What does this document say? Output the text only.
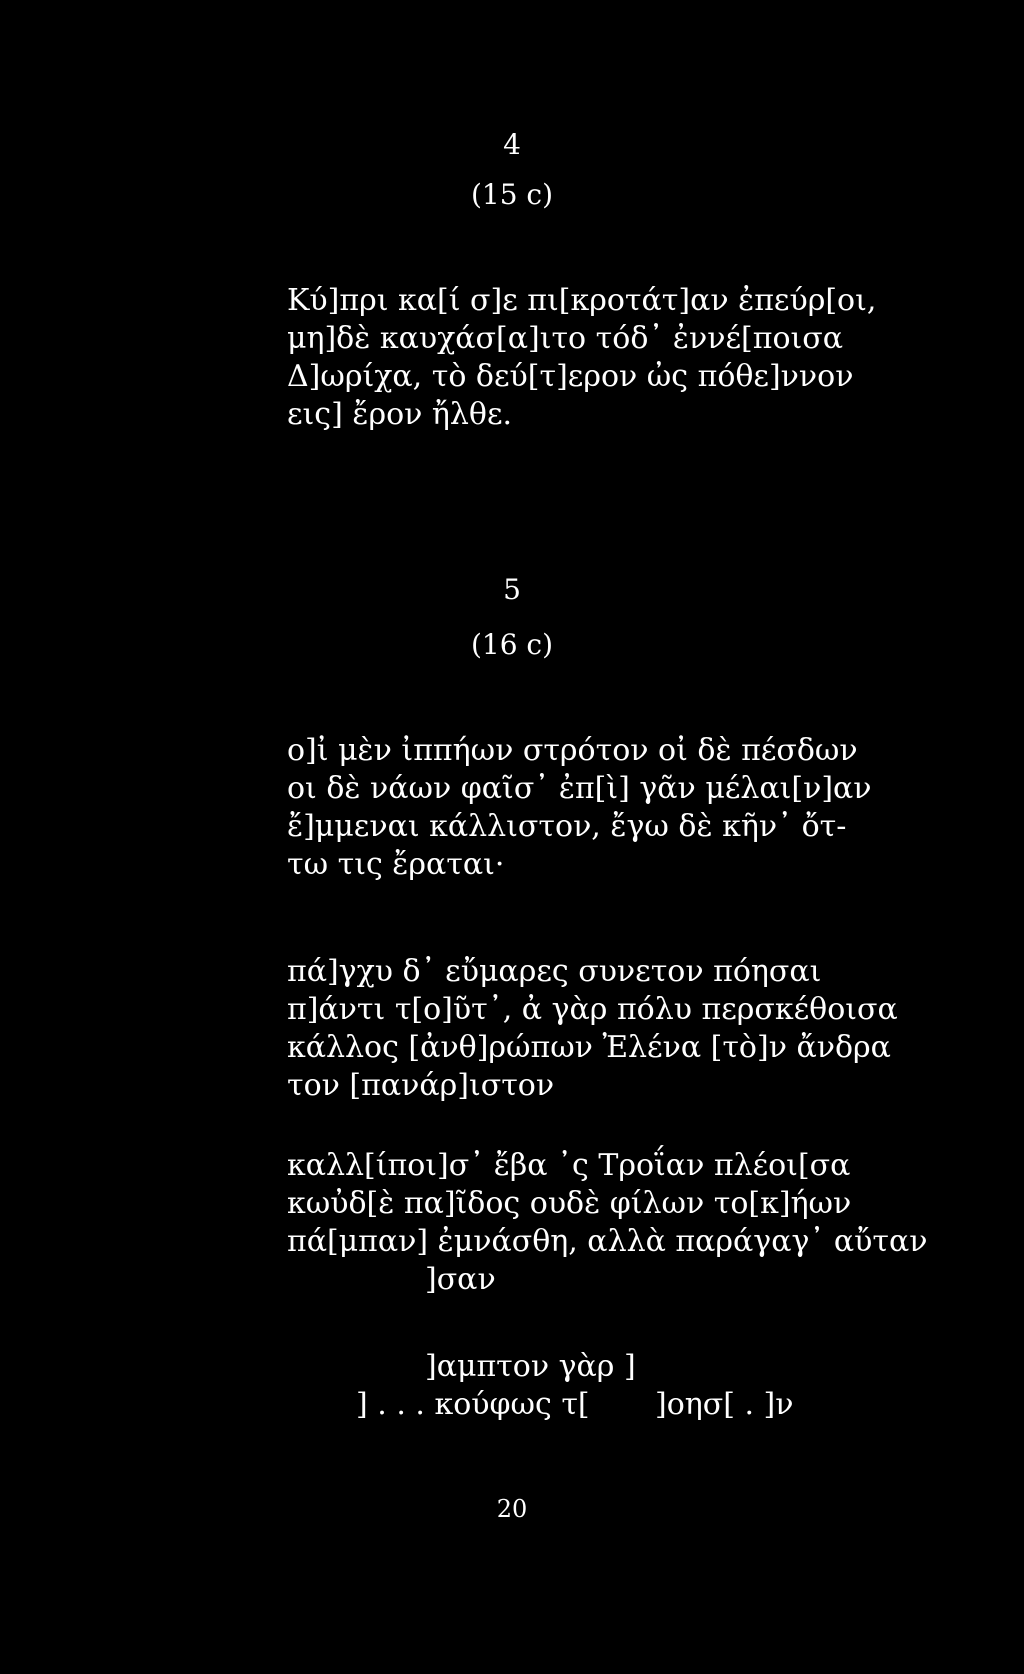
4

(15 c)

Κύ]πρι κα[ί σ]ε πι[κροτάτ]αν ἐπεύρ[οι,
μη]δὲ καυχάσ[α]ιτο τόδ᾽ ἐννέ[ποισα
Δ]ωρίχα, τὸ δεύ[τ]ερον ὠς πόθε]ννον
εις] ἔρον ἤλθε.

5

(16 c)

ο]ἰ μὲν ἰππήων στρότον οἰ δὲ πέσδων
οι δὲ νάων φαῖσ᾽ ἐπ[ὶ] γᾶν μέλαι[ν]αν
ἔ]μμεναι κάλλιστον, ἔγω δὲ κῆν᾽ ὄτ-
τω τις ἔραται·
πά]γχυ δ᾽ εὔμαρες συνετον πόησαι
π]άντι τ[ο]ῦτ᾽, ἀ γὰρ πόλυ περσκέθοισα
κάλλος [ἀνθ]ρώπων Ἐλένα [τὸ]ν ἄνδρα
τον [πανάρ]ιστον
καλλ[ίποι]σ᾽ ἔβα ᾽ς Τροΐαν πλέοι[σα
κωὐδ[ὲ πα]ῖδος ουδὲ φίλων το[κ]ήων
πά[μπαν] ἐμνάσθη, αλλὰ παράγαγ᾽ αὔταν
]σαν

]αμπτον γὰρ ]

] . . . κούφως τ[ ]οησ[ . ]ν

20
